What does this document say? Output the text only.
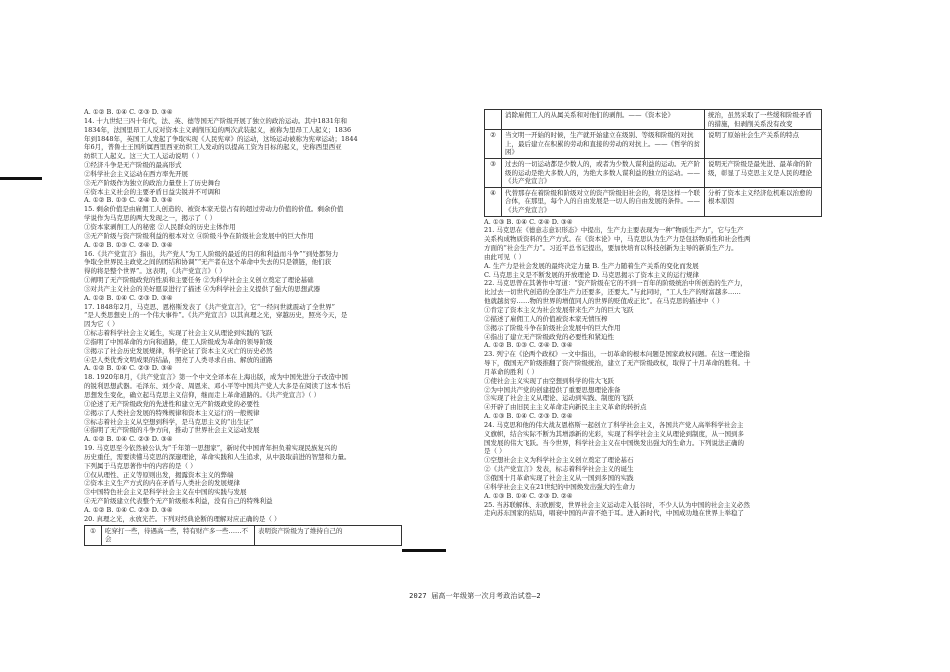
A. ①② B. ①④ C. ②③ D. ③④
14. 十九世纪三四十年代，法、英、德等国无产阶级开展了独立的政治运动。其中1831年和
1834年，法国里昂工人反对资本主义剥削压迫的两次武装起义，被称为里昂工人起义；1836
年到1848年，英国工人发起了争取实现《人民宪章》的运动，这场运动被称为宪章运动；1844
年6月，普鲁士王国所属西里西亚纺织工人发动的以提高工资为目标的起义，史称西里西亚
纺织工人起义。这三大工人运动说明（ ）
①经济斗争是无产阶级的最高形式
②科学社会主义运动在西方率先开展
③无产阶级作为独立的政治力量登上了历史舞台
④资本主义社会的主要矛盾日益尖锐并不可调和
A. ①② B. ①③ C. ②④ D. ③④
15. 剩余价值是由雇佣工人创造的、被资本家无偿占有的超过劳动力价值的价值。剩余价值
学说作为马克思的两大发现之一，揭示了（ ）
①资本家剥削工人的秘密 ②人民群众的历史主体作用
③无产阶级与资产阶级利益的根本对立 ④阶级斗争在阶级社会发展中的巨大作用
A. ①② B. ①③ C. ②④ D. ③④
16.《共产党宣言》指出，共产党人“为工人阶级的最近的目的和利益而斗争”“到处都努力
争取全世界民主政党之间的团结和协调”“无产者在这个革命中失去的只是锁链，他们获
得的将是整个世界”。这表明，《共产党宣言》（ ）
①阐明了无产阶级政党的性质和主要任务 ②为科学社会主义创立奠定了理论基础
③对共产主义社会的美好愿景进行了描述 ④为科学社会主义提供了强大的思想武器
A. ①② B. ①④ C. ②③ D. ③④
17. 1848年2月，马克思、恩格斯发表了《共产党宣言》，它“一经问世就震动了全世界”
“是人类思想史上的一个伟大事件”。《共产党宣言》以其真理之光，穿越历史，照亮今天，是
因为它（ ）
①标志着科学社会主义诞生，实现了社会主义从理论到实践的飞跃
②指明了中国革命的方向和道路，使工人阶级成为革命的领导阶级
③揭示了社会历史发展规律，科学论证了资本主义灭亡的历史必然
④是人类优秀文明成果的结晶，照亮了人类寻求自由、解放的道路
A. ①② B. ①④ C. ②③ D. ③④
18. 1920年8月，《共产党宣言》第一个中文全译本在上海出版，成为中国先进分子改造中国
的锐利思想武器。毛泽东、刘少奇、周恩来、邓小平等中国共产党人大多是在阅读了这本书后
思想发生变化，确立起马克思主义信仰，继而走上革命道路的。《共产党宣言》（ ）
①论述了无产阶级政党的先进性和建立无产阶级政党的必要性
②揭示了人类社会发展的特殊规律和资本主义运行的一般规律
③标志着社会主义从空想到科学，是马克思主义的“出生证”
④指明了无产阶级的斗争方向，推动了世界社会主义运动发展
A. ①② B. ①④ C. ②③ D. ③④
19. 马克思至今依然被公认为“千年第一思想家”，新时代中国青年担负着实现民族复兴的
历史重任，需要读懂马克思的深邃理论，革命实践和人生追求，从中汲取前进的智慧和力量。
下列属于马克思著作中的内容的是（ ）
①仅从理性、正义等原则出发，揭露资本主义的弊端
②资本主义生产方式的内在矛盾与人类社会的发展规律
③中国特色社会主义是科学社会主义在中国的实践与发展
④无产阶级建立代表整个无产阶级根本利益，没有自己的特殊利益
A. ①② B. ①④ C. ②③ D. ③④
20. 真理之光，永放光芒。下列对经典论断的理解对应正确的是（ ）
①	吃穿打一些，待遇高一些，特有财产多一些……不会	表明资产阶级为了维持自己的
	消除雇佣工人的从属关系和对他们的剥削。——《资本论》	统治，虽然采取了一些缓和阶级矛盾的措施，但剥削关系没有改变
②	当文明一开始的时候，生产就开始建立在级别、等级和阶级的对抗上，最后建立在积累的劳动和直接的劳动的对抗上。——《哲学的贫困》	说明了原始社会生产关系的特点
③	过去的一切运动都是少数人的，或者为少数人谋利益的运动。无产阶级的运动是绝大多数人的，为绝大多数人谋利益的独立的运动。——《共产党宣言》	说明无产阶级是最先进、最革命的阶级，彰显了马克思主义是人民的理论
④	代替那存在着阶级和阶级对立的资产阶级旧社会的，将是这样一个联合体，在那里，每个人的自由发展是一切人的自由发展的条件。——《共产党宣言》	分析了资本主义经济危机难以治愈的根本原因
A. ①③ B. ①④ C. ②④ D. ③④
21. 马克思在《德意志意识形态》中提出，生产力主要表现为一种“物质生产力”，它与生产
关系构成物质资料的生产方式。在《资本论》中，马克思认为生产力是包括物质性和社会性两
方面的“社会生产力”。习近平总书记提出，要加快培育以科技创新为主导的新质生产力。
由此可见（ ）
A. 生产力是社会发展的最终决定力量 B. 生产力随着生产关系的变化而发展
C. 马克思主义是不断发展的开放理论 D. 马克思揭示了资本主义的运行规律
22. 马克思曾在其著作中写道：“资产阶级在它的不到一百年的阶级统治中所创造的生产力，
比过去一切世代创造的全部生产力还要多，还要大。”与此同时，“工人生产的财富越多……
他就越贫穷……物的世界的增值同人的世界的贬值成正比”。在马克思的描述中（ ）
①肯定了资本主义为社会发展带来生产力的巨大飞跃
②描述了雇佣工人的价值被资本家无情压榨
③揭示了阶级斗争在阶级社会发展中的巨大作用
④指出了建立无产阶级政党的必要性和紧迫性
A. ①② B. ①③ C. ②④ D. ③④
23. 列宁在《论两个政权》一文中指出，一切革命的根本问题是国家政权问题。在这一理论指
导下，俄国无产阶级推翻了资产阶级统治，建立了无产阶级政权，取得了十月革命的胜利。十
月革命的胜利（ ）
①使社会主义实现了由空想到科学的伟大飞跃
②为中国共产党的创建提供了重要思想理论准备
③实现了社会主义从理论、运动到实践、制度的飞跃
④开辟了由旧民主主义革命走向新民主主义革命的转折点
A. ①③ B. ①④ C. ②③ D. ②④
24. 马克思和他的伟大战友恩格斯一起创立了科学社会主义，各国共产党人高举科学社会主
义旗帜，结合实际不断为其增添新的光彩，实现了科学社会主义从理论到制度，从一国到多
国发展的伟大飞跃。当今世界，科学社会主义在中国焕发出强大的生命力。下列说法正确的
是（ ）
①空想社会主义为科学社会主义创立奠定了理论基石
②《共产党宣言》发表，标志着科学社会主义的诞生
③俄国十月革命实现了社会主义从一国到多国的实践
④科学社会主义在21世纪的中国焕发出强大的生命力
A. ①③ B. ①④ C. ②③ D. ②④
25. 当苏联解体、东欧剧变，世界社会主义运动走入低谷时，不少人认为中国的社会主义必然
走向苏东国家的结局，唱衰中国的声音不绝于耳。进入新时代，中国成功地在世界上举稳了
2027 届高一年级第一次月考政治试卷—2
